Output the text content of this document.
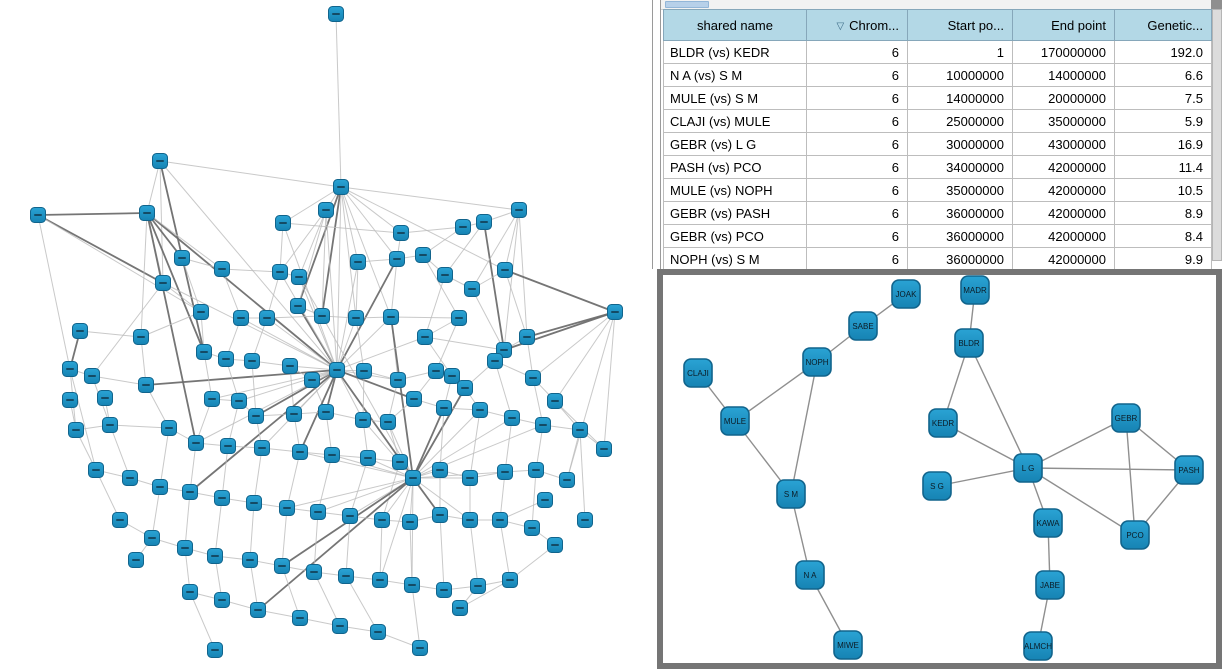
shared name	▽ Chrom...	Start po...	End point	Genetic...
BLDR (vs) KEDR	6	1	170000000	192.0
N A (vs) S M	6	10000000	14000000	6.6
MULE (vs) S M	6	14000000	20000000	7.5
CLAJI (vs) MULE	6	25000000	35000000	5.9
GEBR (vs) L G	6	30000000	43000000	16.9
PASH (vs) PCO	6	34000000	42000000	11.4
MULE (vs) NOPH	6	35000000	42000000	10.5
GEBR (vs) PASH	6	36000000	42000000	8.9
GEBR (vs) PCO	6	36000000	42000000	8.4
NOPH (vs) S M	6	36000000	42000000	9.9
JOAK	MADR
SABE
NOPH
BLDR
CLAJI
MULE	KEDR
GEBR
L G	PASH
S G
KAWA
PCO
S M
N A
JABE
MIWE	ALMCH
